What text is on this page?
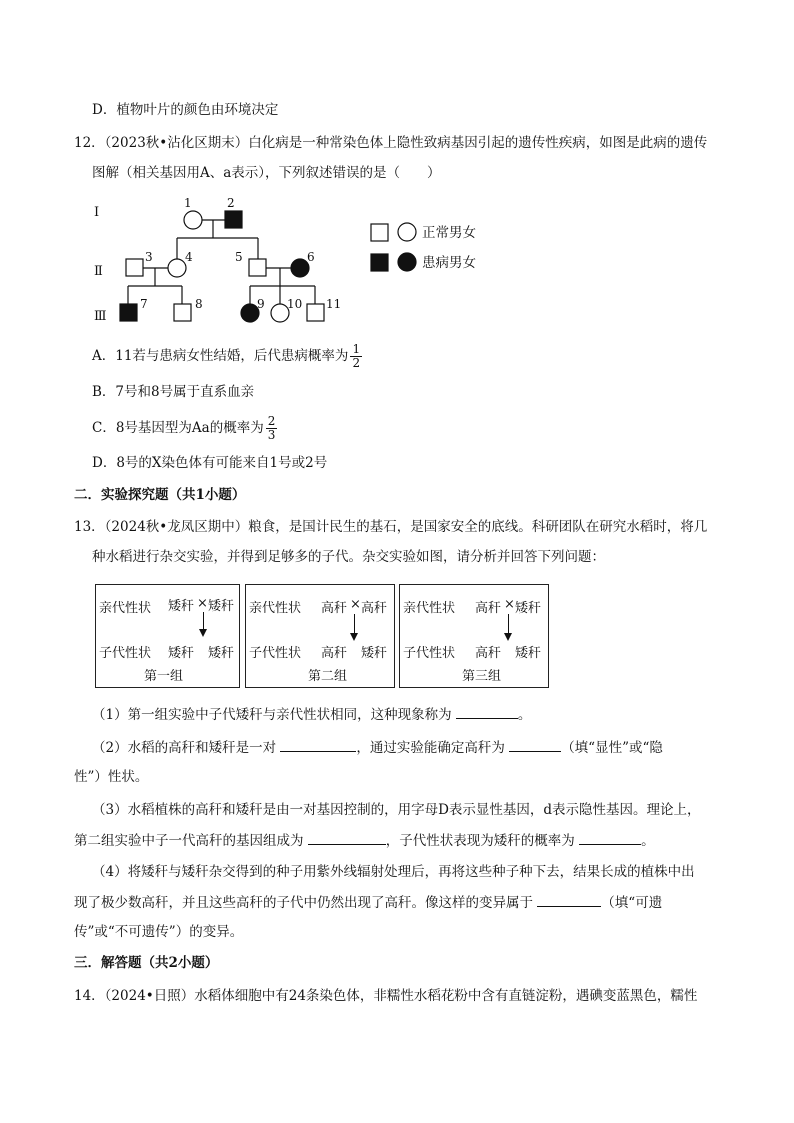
D．植物叶片的颜色由环境决定
12．（2023秋•沾化区期末）白化病是一种常染色体上隐性致病基因引起的遗传性疾病，如图是此病的遗传
图解（相关基因用A、a表示），下列叙述错误的是（　　）
Ⅰ
Ⅱ
Ⅲ
1	2
3	4	5	6
7	8	9 10 11
正常男女
患病男女
A．11若与患病女性结婚，后代患病概率为 $\frac{1}{2}$
B．7号和8号属于直系血亲
C．8号基因型为Aa的概率为 $\frac{2}{3}$
D．8号的X染色体有可能来自1号或2号
二．实验探究题（共1小题）
13．（2024秋•龙凤区期中）粮食，是国计民生的基石，是国家安全的底线。科研团队在研究水稻时，将几
种水稻进行杂交实验，并得到足够多的子代。杂交实验如图，请分析并回答下列问题：
亲代性状 矮秆 × 矮秆
子代性状 矮秆 矮秆
第一组
亲代性状 高秆 × 高秆
子代性状 高秆 矮秆
第二组
亲代性状 高秆 × 矮秆
子代性状 高秆 矮秆
第三组
（1）第一组实验中子代矮秆与亲代性状相同，这种现象称为	。
（2）水稻的高秆和矮秆是一对	，通过实验能确定高秆为	（填“显性”或“隐
性”）性状。
（3）水稻植株的高秆和矮秆是由一对基因控制的，用字母D表示显性基因，d表示隐性基因。理论上，
第二组实验中子一代高秆的基因组成为	，子代性状表现为矮秆的概率为	。
（4）将矮秆与矮秆杂交得到的种子用紫外线辐射处理后，再将这些种子种下去，结果长成的植株中出
现了极少数高秆，并且这些高秆的子代中仍然出现了高秆。像这样的变异属于	（填“可遗
传”或“不可遗传”）的变异。
三．解答题（共2小题）
14．（2024•日照）水稻体细胞中有24条染色体，非糯性水稻花粉中含有直链淀粉，遇碘变蓝黑色，糯性
